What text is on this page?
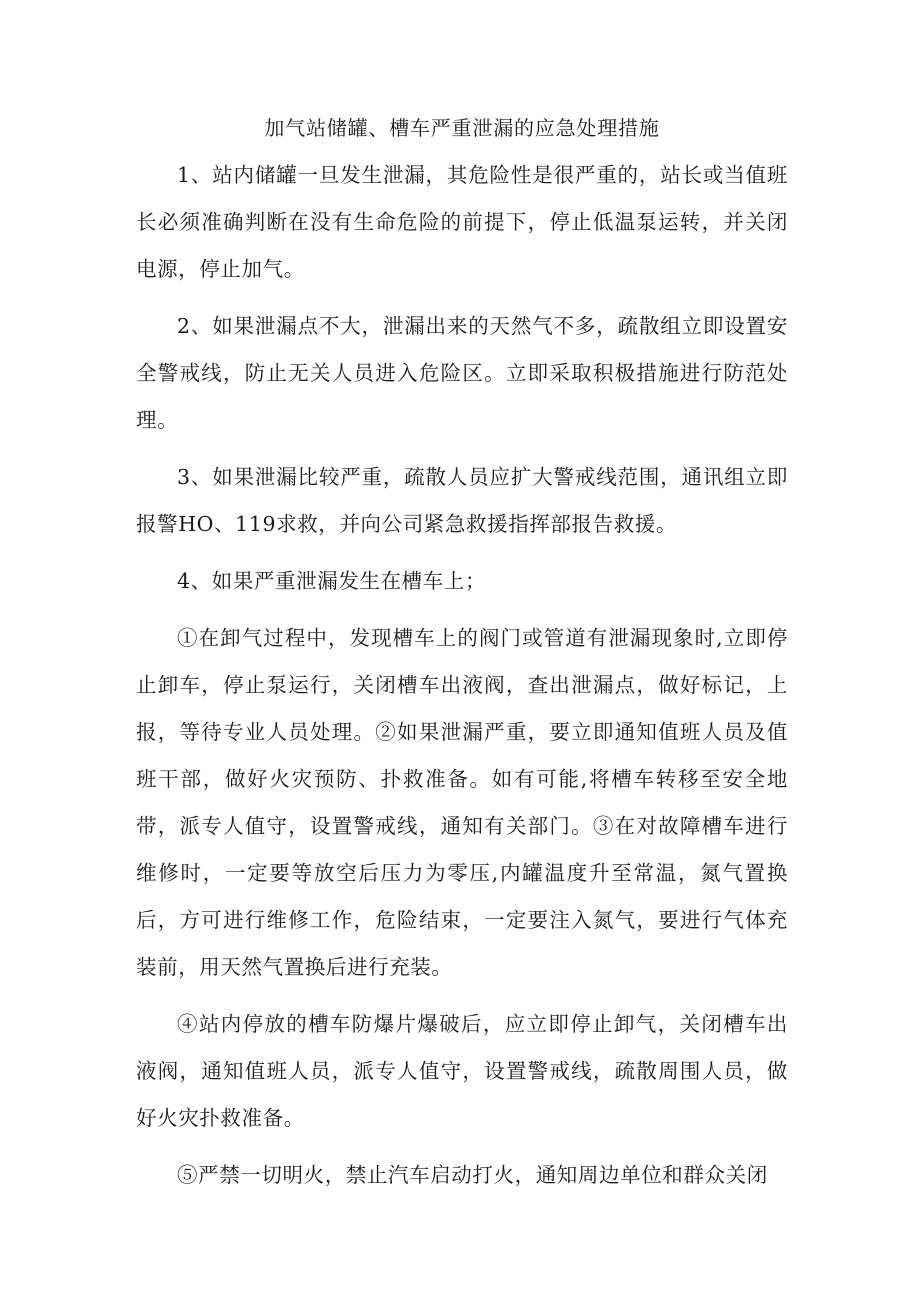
加气站储罐、槽车严重泄漏的应急处理措施

1、站内储罐一旦发生泄漏，其危险性是很严重的，站长或当值班长必须准确判断在没有生命危险的前提下，停止低温泵运转，并关闭电源，停止加气。

2、如果泄漏点不大，泄漏出来的天然气不多，疏散组立即设置安全警戒线，防止无关人员进入危险区。立即采取积极措施进行防范处理。

3、如果泄漏比较严重，疏散人员应扩大警戒线范围，通讯组立即报警HO、119求救，并向公司紧急救援指挥部报告救援。

4、如果严重泄漏发生在槽车上；

①在卸气过程中，发现槽车上的阀门或管道有泄漏现象时,立即停止卸车，停止泵运行，关闭槽车出液阀，查出泄漏点，做好标记，上报，等待专业人员处理。②如果泄漏严重，要立即通知值班人员及值班干部，做好火灾预防、扑救准备。如有可能,将槽车转移至安全地带，派专人值守，设置警戒线，通知有关部门。③在对故障槽车进行维修时，一定要等放空后压力为零压,内罐温度升至常温，氮气置换后，方可进行维修工作，危险结束，一定要注入氮气，要进行气体充装前，用天然气置换后进行充装。

④站内停放的槽车防爆片爆破后，应立即停止卸气，关闭槽车出液阀，通知值班人员，派专人值守，设置警戒线，疏散周围人员，做好火灾扑救准备。

⑤严禁一切明火，禁止汽车启动打火，通知周边单位和群众关闭
